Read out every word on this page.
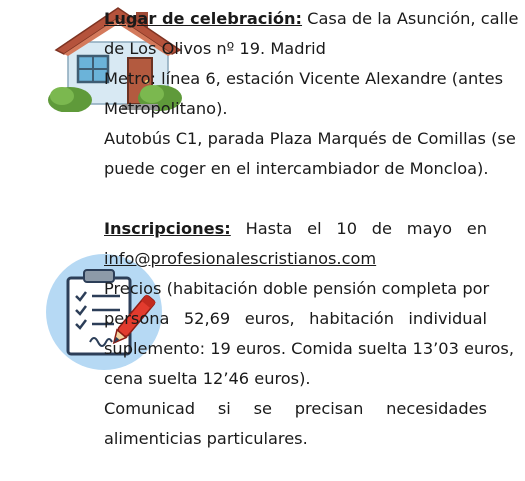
Lugar de celebración: Casa de la Asunción, calle
de Los Olivos nº 19. Madrid
Metro: línea 6, estación Vicente Alexandre (antes
Metropolitano).
Autobús C1, parada Plaza Marqués de Comillas (se
puede coger en el intercambiador de Moncloa).
Inscripciones: Hasta el 10 de mayo en
info@profesionalescristianos.com
Precios (habitación doble pensión completa por
persona 52,69 euros, habitación individual
suplemento: 19 euros. Comida suelta 13’03 euros,
cena suelta 12’46 euros).
Comunicad si se precisan necesidades
alimenticias particulares.
